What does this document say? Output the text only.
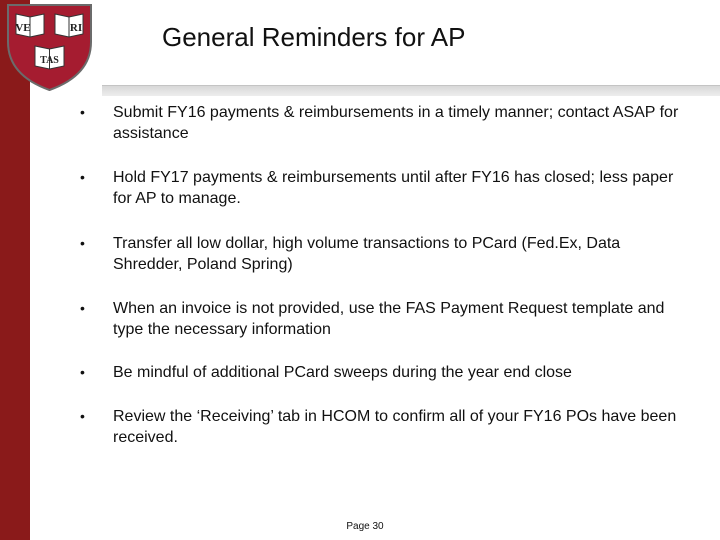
VE	RI
TAS
General Reminders for AP
• Submit FY16 payments & reimbursements in a timely manner; contact ASAP for assistance
• Hold FY17 payments & reimbursements until after FY16 has closed; less paper for AP to manage.
• Transfer all low dollar, high volume transactions to PCard (Fed.Ex, Data Shredder, Poland Spring)
• When an invoice is not provided, use the FAS Payment Request template and type the necessary information
• Be mindful of additional PCard sweeps during the year end close
• Review the ‘Receiving’ tab in HCOM to confirm all of your FY16 POs have been received.
Page 30
